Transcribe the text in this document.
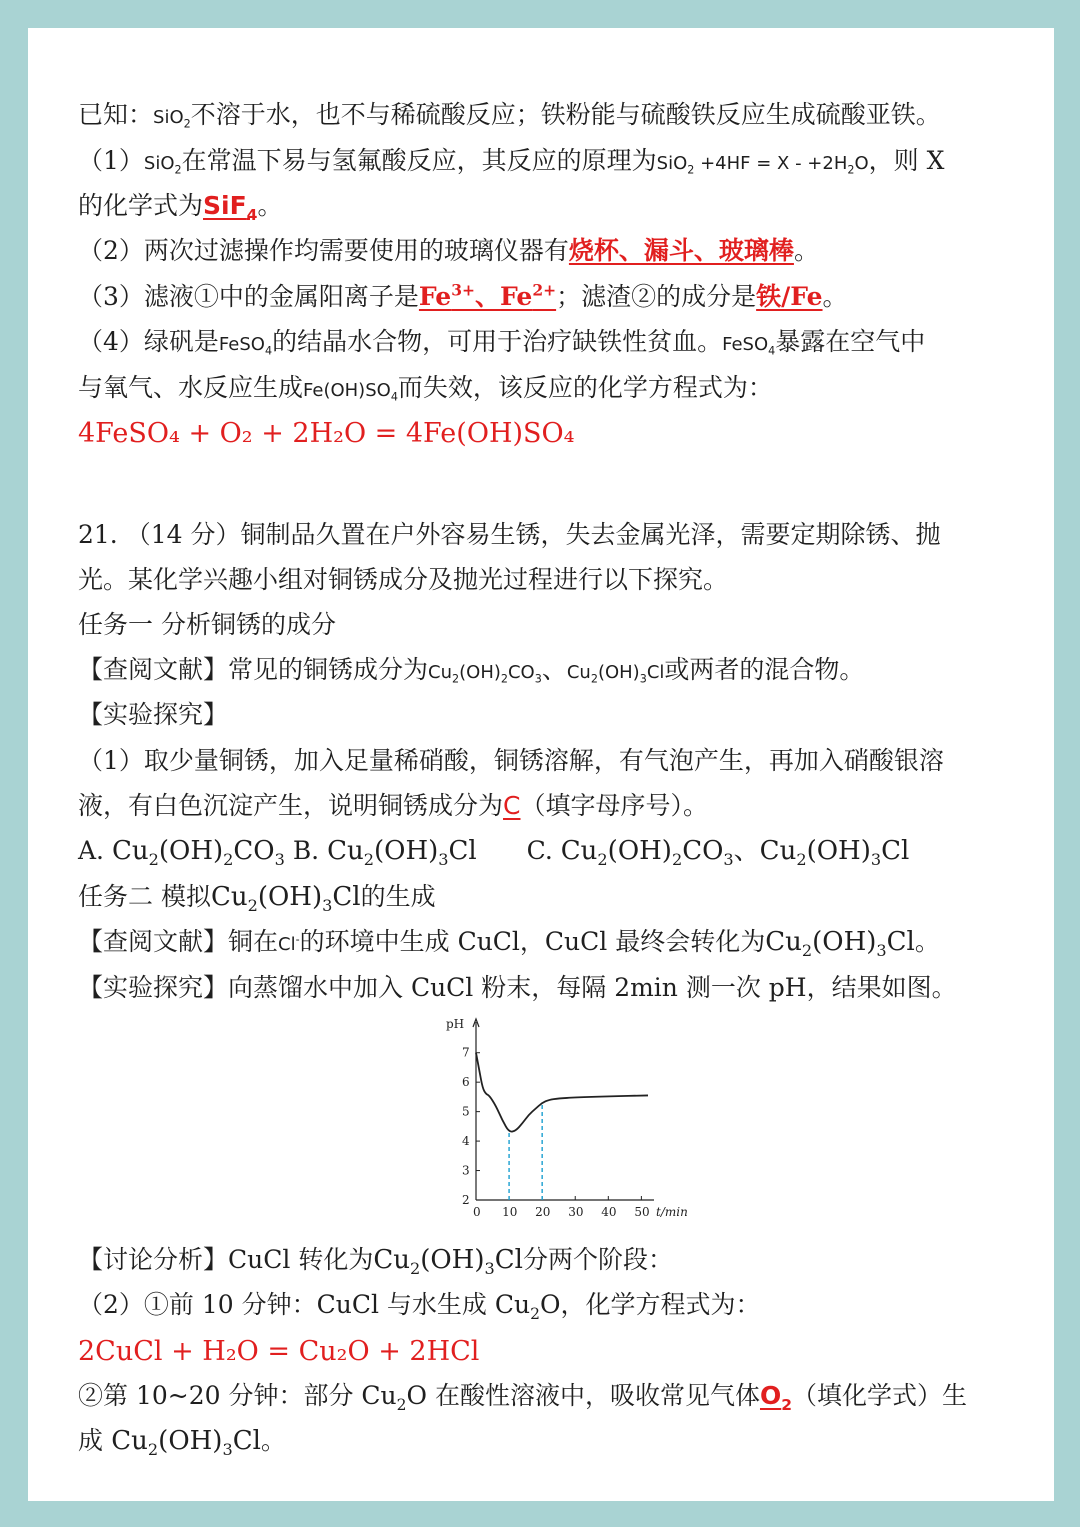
已知：SiO$_2$不溶于水，也不与稀硫酸反应；铁粉能与硫酸铁反应生成硫酸亚铁。
（1）SiO$_2$在常温下易与氢氟酸反应，其反应的原理为$SiO_2 +4HF = X - +2H_2O$，则 X
的化学式为SiF$_4$。
（2）两次过滤操作均需要使用的玻璃仪器有烧杯、漏斗、玻璃棒。
（3）滤液①中的金属阳离子是$Fe^{3+}$、$Fe^{2+}$；滤渣②的成分是铁/Fe。
（4）绿矾是FeSO$_4$的结晶水合物，可用于治疗缺铁性贫血。FeSO$_4$暴露在空气中
与氧气、水反应生成$Fe(OH)SO_4$而失效，该反应的化学方程式为：
4FeSO₄ + O₂ + 2H₂O = 4Fe(OH)SO₄
21. （14 分）铜制品久置在户外容易生锈，失去金属光泽，需要定期除锈、抛
光。某化学兴趣小组对铜锈成分及抛光过程进行以下探究。
任务一 分析铜锈的成分
【查阅文献】常见的铜锈成分为$Cu_2(OH)_2CO_3$、$Cu_2(OH)_3Cl$或两者的混合物。
【实验探究】
（1）取少量铜锈，加入足量稀硝酸，铜锈溶解，有气泡产生，再加入硝酸银溶
液，有白色沉淀产生，说明铜锈成分为C（填字母序号）。
A. $Cu_2(OH)_2CO_3$ B. $Cu_2(OH)_3Cl$ C. $Cu_2(OH)_2CO_3$、$Cu_2(OH)_3Cl$
任务二 模拟$Cu_2(OH)_3Cl$的生成
【查阅文献】铜在Cl-的环境中生成 CuCl，CuCl 最终会转化为$Cu_2(OH)_3Cl$。
【实验探究】向蒸馏水中加入 CuCl 粉末，每隔 2min 测一次 pH，结果如图。
pH
t/min
2
3
4
5
6
7
0 10 20 30 40 50
【讨论分析】CuCl 转化为$Cu_2(OH)_3Cl$分两个阶段：
（2）①前 10 分钟：CuCl 与水生成 $Cu_2O$，化学方程式为：
2CuCl + H₂O = Cu₂O + 2HCl
②第 10~20 分钟：部分 $Cu_2O$ 在酸性溶液中，吸收常见气体$O_2$（填化学式）生
成 $Cu_2(OH)_3Cl$。
